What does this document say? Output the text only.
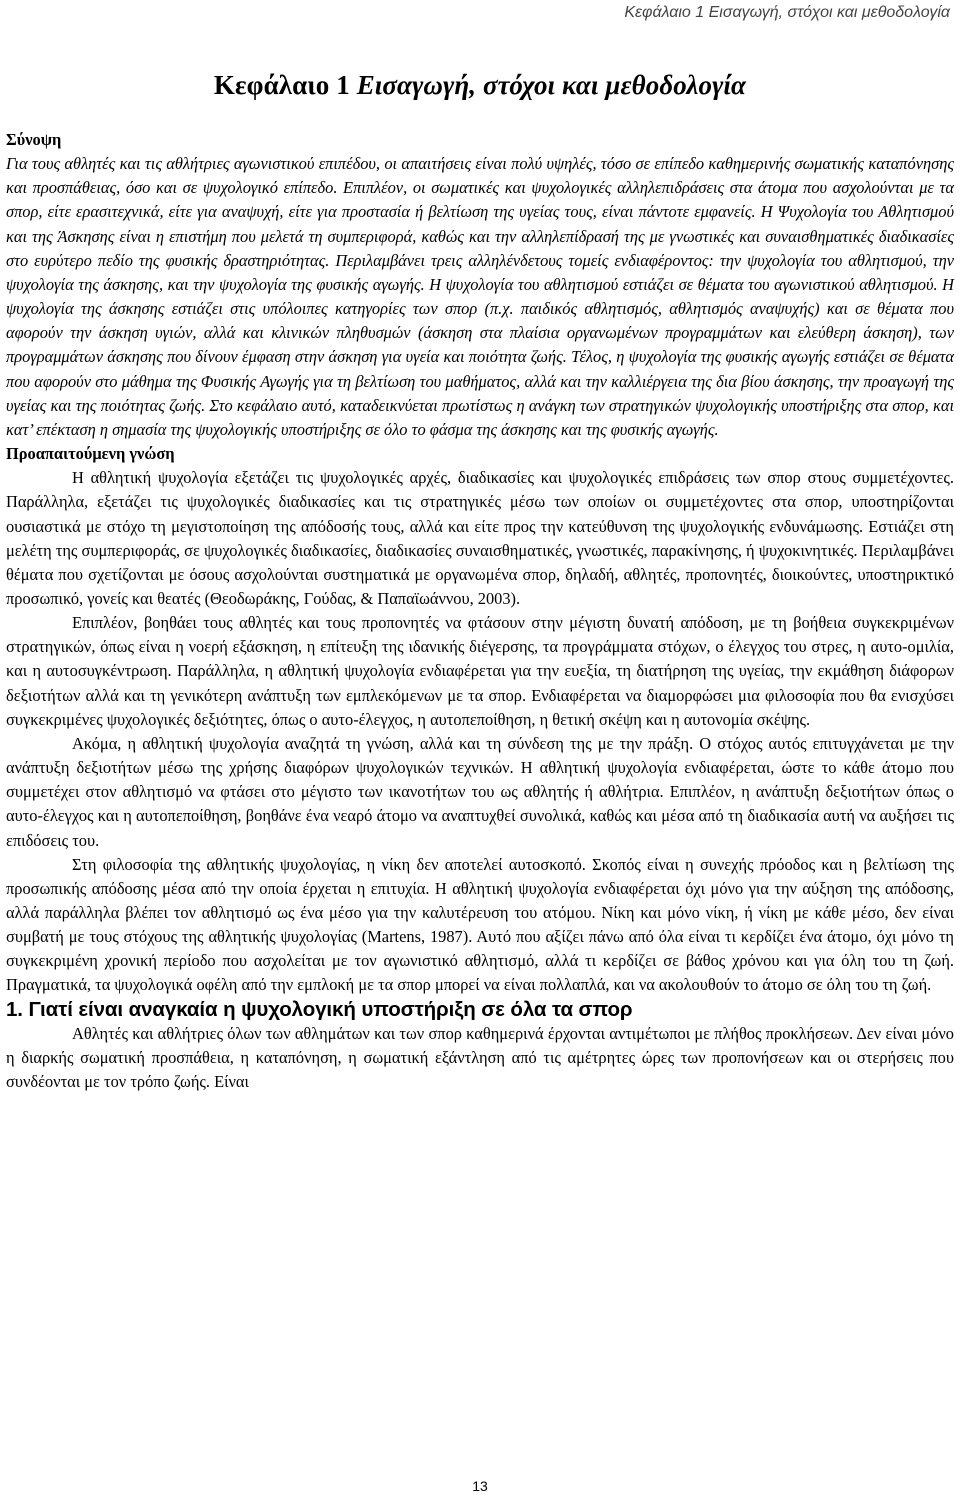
Κεφάλαιο 1 Εισαγωγή, στόχοι και μεθοδολογία
Κεφάλαιο 1 Εισαγωγή, στόχοι και μεθοδολογία

Σύνοψη

Για τους αθλητές και τις αθλήτριες αγωνιστικού επιπέδου, οι απαιτήσεις είναι πολύ υψηλές, τόσο σε επίπεδο καθημερινής σωματικής καταπόνησης και προσπάθειας, όσο και σε ψυχολογικό επίπεδο. Επιπλέον, οι σωματικές και ψυχολογικές αλληλεπιδράσεις στα άτομα που ασχολούνται με τα σπορ, είτε ερασιτεχνικά, είτε για αναψυχή, είτε για προστασία ή βελτίωση της υγείας τους, είναι πάντοτε εμφανείς. Η Ψυχολογία του Αθλητισμού και της Άσκησης είναι η επιστήμη που μελετά τη συμπεριφορά, καθώς και την αλληλεπίδρασή της με γνωστικές και συναισθηματικές διαδικασίες στο ευρύτερο πεδίο της φυσικής δραστηριότητας. Περιλαμβάνει τρεις αλληλένδετους τομείς ενδιαφέροντος: την ψυχολογία του αθλητισμού, την ψυχολογία της άσκησης, και την ψυχολογία της φυσικής αγωγής. Η ψυχολογία του αθλητισμού εστιάζει σε θέματα του αγωνιστικού αθλητισμού. Η ψυχολογία της άσκησης εστιάζει στις υπόλοιπες κατηγορίες των σπορ (π.χ. παιδικός αθλητισμός, αθλητισμός αναψυχής) και σε θέματα που αφορούν την άσκηση υγιών, αλλά και κλινικών πληθυσμών (άσκηση στα πλαίσια οργανωμένων προγραμμάτων και ελεύθερη άσκηση), των προγραμμάτων άσκησης που δίνουν έμφαση στην άσκηση για υγεία και ποιότητα ζωής. Τέλος, η ψυχολογία της φυσικής αγωγής εστιάζει σε θέματα που αφορούν στο μάθημα της Φυσικής Αγωγής για τη βελτίωση του μαθήματος, αλλά και την καλλιέργεια της δια βίου άσκησης, την προαγωγή της υγείας και της ποιότητας ζωής. Στο κεφάλαιο αυτό, καταδεικνύεται πρωτίστως η ανάγκη των στρατηγικών ψυχολογικής υποστήριξης στα σπορ, και κατ’ επέκταση η σημασία της ψυχολογικής υποστήριξης σε όλο το φάσμα της άσκησης και της φυσικής αγωγής.

Προαπαιτούμενη γνώση

Η αθλητική ψυχολογία εξετάζει τις ψυχολογικές αρχές, διαδικασίες και ψυχολογικές επιδράσεις των σπορ στους συμμετέχοντες. Παράλληλα, εξετάζει τις ψυχολογικές διαδικασίες και τις στρατηγικές μέσω των οποίων οι συμμετέχοντες στα σπορ, υποστηρίζονται ουσιαστικά με στόχο τη μεγιστοποίηση της απόδοσής τους, αλλά και είτε προς την κατεύθυνση της ψυχολογικής ενδυνάμωσης. Εστιάζει στη μελέτη της συμπεριφοράς, σε ψυχολογικές διαδικασίες, διαδικασίες συναισθηματικές, γνωστικές, παρακίνησης, ή ψυχοκινητικές. Περιλαμβάνει θέματα που σχετίζονται με όσους ασχολούνται συστηματικά με οργανωμένα σπορ, δηλαδή, αθλητές, προπονητές, διοικούντες, υποστηρικτικό προσωπικό, γονείς και θεατές (Θεοδωράκης, Γούδας, & Παπαϊωάννου, 2003).

Επιπλέον, βοηθάει τους αθλητές και τους προπονητές να φτάσουν στην μέγιστη δυνατή απόδοση, με τη βοήθεια συγκεκριμένων στρατηγικών, όπως είναι η νοερή εξάσκηση, η επίτευξη της ιδανικής διέγερσης, τα προγράμματα στόχων, ο έλεγχος του στρες, η αυτο-ομιλία, και η αυτοσυγκέντρωση. Παράλληλα, η αθλητική ψυχολογία ενδιαφέρεται για την ευεξία, τη διατήρηση της υγείας, την εκμάθηση διάφορων δεξιοτήτων αλλά και τη γενικότερη ανάπτυξη των εμπλεκόμενων με τα σπορ. Ενδιαφέρεται να διαμορφώσει μια φιλοσοφία που θα ενισχύσει συγκεκριμένες ψυχολογικές δεξιότητες, όπως ο αυτο-έλεγχος, η αυτοπεποίθηση, η θετική σκέψη και η αυτονομία σκέψης.

Ακόμα, η αθλητική ψυχολογία αναζητά τη γνώση, αλλά και τη σύνδεση της με την πράξη. Ο στόχος αυτός επιτυγχάνεται με την ανάπτυξη δεξιοτήτων μέσω της χρήσης διαφόρων ψυχολογικών τεχνικών. Η αθλητική ψυχολογία ενδιαφέρεται, ώστε το κάθε άτομο που συμμετέχει στον αθλητισμό να φτάσει στο μέγιστο των ικανοτήτων του ως αθλητής ή αθλήτρια. Επιπλέον, η ανάπτυξη δεξιοτήτων όπως ο αυτο-έλεγχος και η αυτοπεποίθηση, βοηθάνε ένα νεαρό άτομο να αναπτυχθεί συνολικά, καθώς και μέσα από τη διαδικασία αυτή να αυξήσει τις επιδόσεις του.

Στη φιλοσοφία της αθλητικής ψυχολογίας, η νίκη δεν αποτελεί αυτοσκοπό. Σκοπός είναι η συνεχής πρόοδος και η βελτίωση της προσωπικής απόδοσης μέσα από την οποία έρχεται η επιτυχία. Η αθλητική ψυχολογία ενδιαφέρεται όχι μόνο για την αύξηση της απόδοσης, αλλά παράλληλα βλέπει τον αθλητισμό ως ένα μέσο για την καλυτέρευση του ατόμου. Νίκη και μόνο νίκη, ή νίκη με κάθε μέσο, δεν είναι συμβατή με τους στόχους της αθλητικής ψυχολογίας (Martens, 1987). Αυτό που αξίζει πάνω από όλα είναι τι κερδίζει ένα άτομο, όχι μόνο τη συγκεκριμένη χρονική περίοδο που ασχολείται με τον αγωνιστικό αθλητισμό, αλλά τι κερδίζει σε βάθος χρόνου και για όλη του τη ζωή. Πραγματικά, τα ψυχολογικά οφέλη από την εμπλοκή με τα σπορ μπορεί να είναι πολλαπλά, και να ακολουθούν το άτομο σε όλη του τη ζωή.

1. Γιατί είναι αναγκαία η ψυχολογική υποστήριξη σε όλα τα σπορ

Αθλητές και αθλήτριες όλων των αθλημάτων και των σπορ καθημερινά έρχονται αντιμέτωποι με πλήθος προκλήσεων. Δεν είναι μόνο η διαρκής σωματική προσπάθεια, η καταπόνηση, η σωματική εξάντληση από τις αμέτρητες ώρες των προπονήσεων και οι στερήσεις που συνδέονται με τον τρόπο ζωής. Είναι

13
